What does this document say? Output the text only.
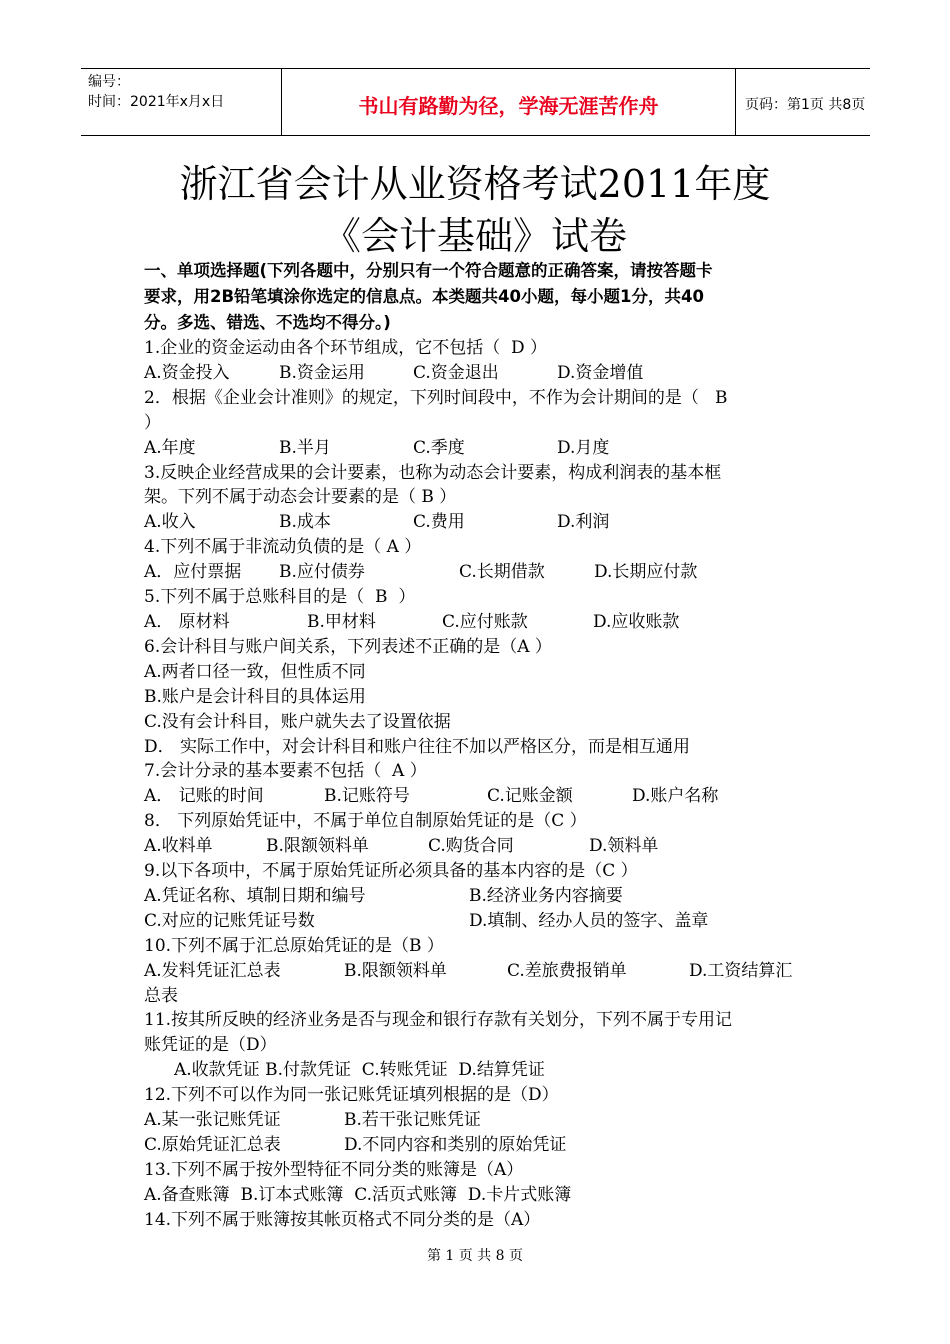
编号：
时间：2021年x月x日	书山有路勤为径，学海无涯苦作舟	页码：第1页 共8页
浙江省会计从业资格考试2011年度
《会计基础》试卷

一、单项选择题(下列各题中，分别只有一个符合题意的正确答案，请按答题卡

要求，用2B铅笔填涂你选定的信息点。本类题共40小题，每小题1分，共40

分。多选、错选、不选均不得分。)

1.企业的资金运动由各个环节组成，它不包括（  D ）

A.资金投入	B.资金运用	C.资金退出	D.资金增值

2．根据《企业会计准则》的规定，下列时间段中，不作为会计期间的是（   B

）

A.年度	B.半月	C.季度	D.月度

3.反映企业经营成果的会计要素，也称为动态会计要素，构成利润表的基本框

架。下列不属于动态会计要素的是（ B ）

A.收入	B.成本	C.费用	D.利润

4.下列不属于非流动负债的是（ A ）

A．应付票据	B.应付债券	C.长期借款	D.长期应付款

5.下列不属于总账科目的是（  B  ）

A． 原材料	B.甲材料	C.应付账款	D.应收账款

6.会计科目与账户间关系，下列表述不正确的是（A ）

A.两者口径一致，但性质不同

B.账户是会计科目的具体运用

C.没有会计科目，账户就失去了设置依据

D． 实际工作中，对会计科目和账户往往不加以严格区分，而是相互通用

7.会计分录的基本要素不包括（  A ）

A． 记账的时间	B.记账符号	C.记账金额	D.账户名称

8． 下列原始凭证中，不属于单位自制原始凭证的是（C ）

A.收料单	B.限额领料单	C.购货合同	D.领料单

9.以下各项中，不属于原始凭证所必须具备的基本内容的是（C ）

A.凭证名称、填制日期和编号	B.经济业务内容摘要

C.对应的记账凭证号数	D.填制、经办人员的签字、盖章

10.下列不属于汇总原始凭证的是（B ）

A.发料凭证汇总表	B.限额领料单	C.差旅费报销单	D.工资结算汇

总表

11.按其所反映的经济业务是否与现金和银行存款有关划分，下列不属于专用记

账凭证的是（D）

A.收款凭证 B.付款凭证  C.转账凭证  D.结算凭证

12.下列不可以作为同一张记账凭证填列根据的是（D）

A.某一张记账凭证	B.若干张记账凭证

C.原始凭证汇总表	D.不同内容和类别的原始凭证

13.下列不属于按外型特征不同分类的账簿是（A）

A.备查账簿  B.订本式账簿  C.活页式账簿  D.卡片式账簿

14.下列不属于账簿按其帐页格式不同分类的是（A）

第 1 页 共 8 页
